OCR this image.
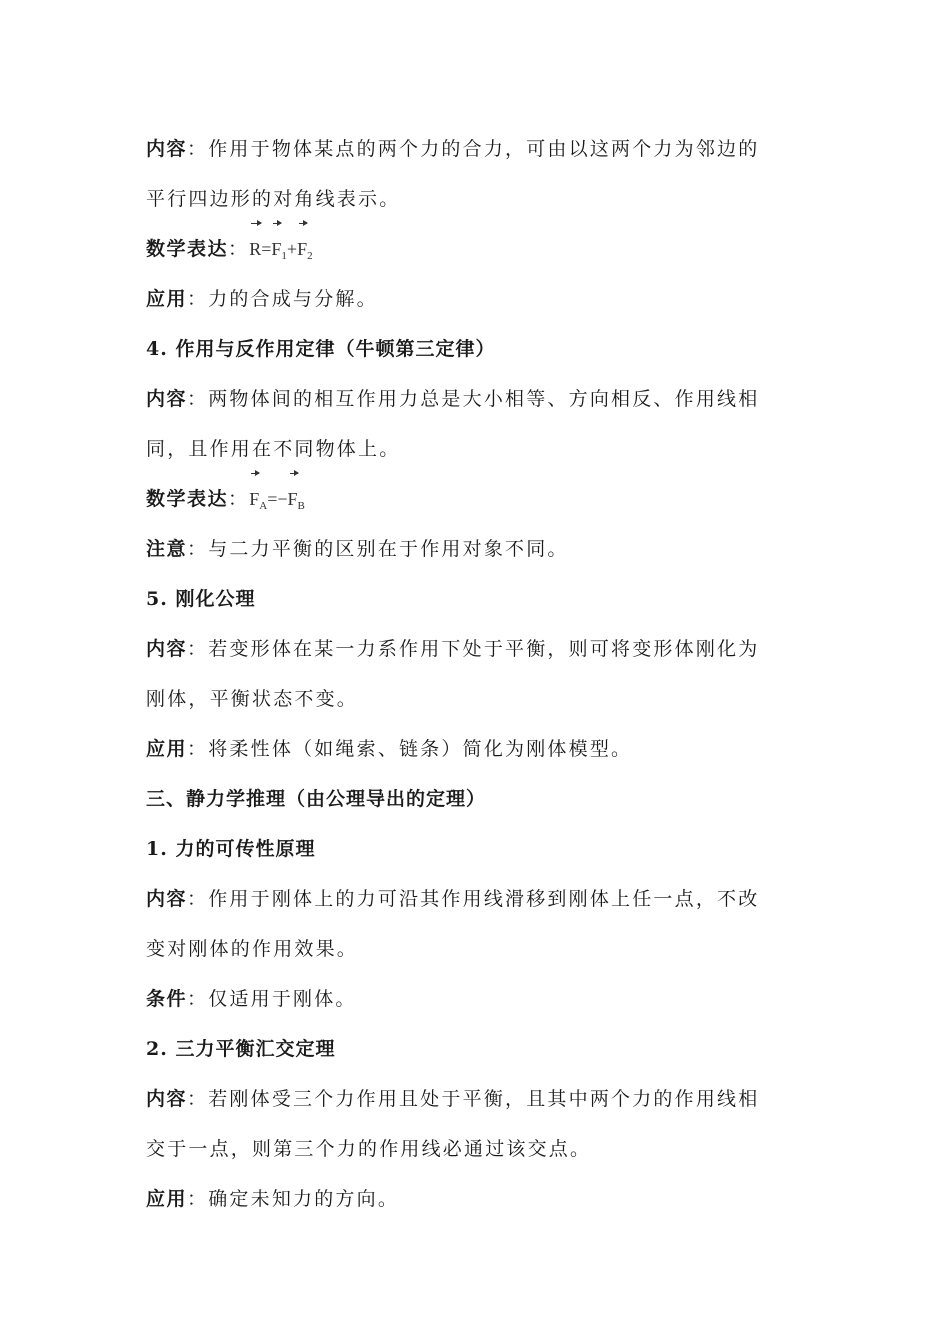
内容：作用于物体某点的两个力的合力，可由以这两个力为邻边的
平行四边形的对角线表示。
数学表达：$R=F_1+F_2$
应用：力的合成与分解。
4. 作用与反作用定律（牛顿第三定律）
内容：两物体间的相互作用力总是大小相等、方向相反、作用线相
同，且作用在不同物体上。
数学表达：$F_A=-F_B$
注意：与二力平衡的区别在于作用对象不同。
5. 刚化公理
内容：若变形体在某一力系作用下处于平衡，则可将变形体刚化为
刚体，平衡状态不变。
应用：将柔性体（如绳索、链条）简化为刚体模型。
三、静力学推理（由公理导出的定理）
1. 力的可传性原理
内容：作用于刚体上的力可沿其作用线滑移到刚体上任一点，不改
变对刚体的作用效果。
条件：仅适用于刚体。
2. 三力平衡汇交定理
内容：若刚体受三个力作用且处于平衡，且其中两个力的作用线相
交于一点，则第三个力的作用线必通过该交点。
应用：确定未知力的方向。
